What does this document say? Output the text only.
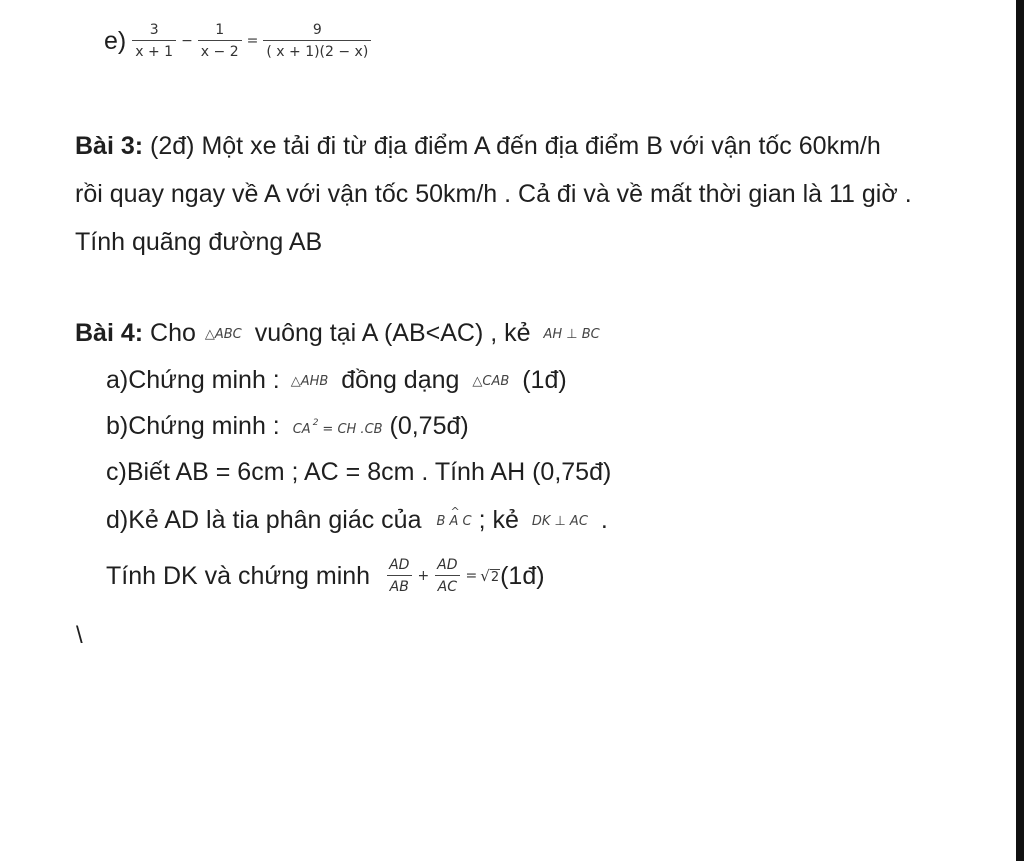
$e) \frac{3}{x + 1} - \frac{1}{x - 2} = \frac{9}{( x + 1)(2 - x)}$
Bài 3: (2đ) Một xe tải đi từ địa điểm A đến địa điểm B với vận tốc 60km/h
rồi quay ngay về A với vận tốc 50km/h . Cả đi và về mất thời gian là 11 giờ .
Tính quãng đường AB
Bài 4: Cho △ABC vuông tại A (AB<AC) , kẻ AH ⊥ BC
a)Chứng minh : △AHB đồng dạng △CAB (1đ)
b)Chứng minh : CA $^2$ = CH .CB (0,75đ)
c)Biết AB = 6cm ; AC = 8cm . Tính AH (0,75đ)
d)Kẻ AD là tia phân giác của B ^ A C ; kẻ DK ⊥ AC .
Tính DK và chứng minh $\frac{AD}{AB} + \frac{AD}{AC} = √2$ (1đ)
\
